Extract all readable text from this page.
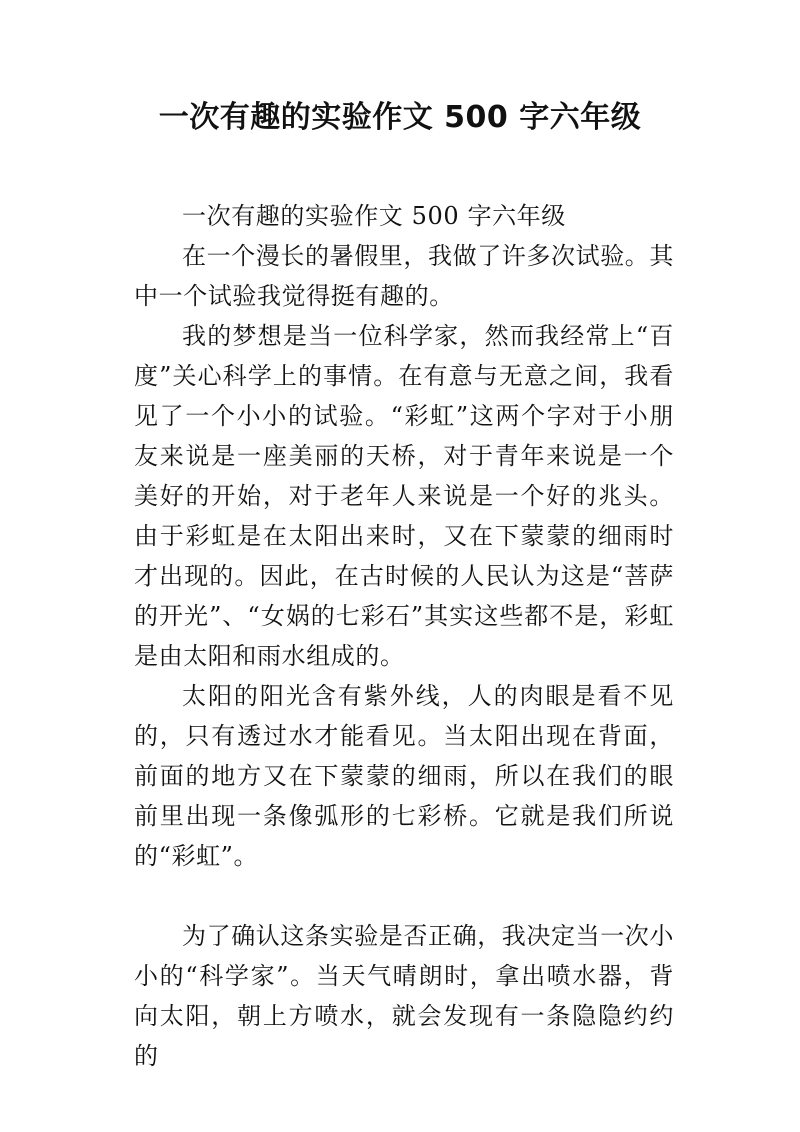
一次有趣的实验作文 500 字六年级

一次有趣的实验作文 500 字六年级

在一个漫长的暑假里，我做了许多次试验。其中一个试验我觉得挺有趣的。

我的梦想是当一位科学家，然而我经常上“百度”关心科学上的事情。在有意与无意之间，我看见了一个小小的试验。“彩虹”这两个字对于小朋友来说是一座美丽的天桥，对于青年来说是一个美好的开始，对于老年人来说是一个好的兆头。由于彩虹是在太阳出来时，又在下蒙蒙的细雨时才出现的。因此，在古时候的人民认为这是“菩萨的开光”、“女娲的七彩石”其实这些都不是，彩虹是由太阳和雨水组成的。

太阳的阳光含有紫外线，人的肉眼是看不见的，只有透过水才能看见。当太阳出现在背面，前面的地方又在下蒙蒙的细雨，所以在我们的眼前里出现一条像弧形的七彩桥。它就是我们所说的“彩虹”。

为了确认这条实验是否正确，我决定当一次小小的“科学家”。当天气晴朗时，拿出喷水器，背向太阳，朝上方喷水，就会发现有一条隐隐约约的
